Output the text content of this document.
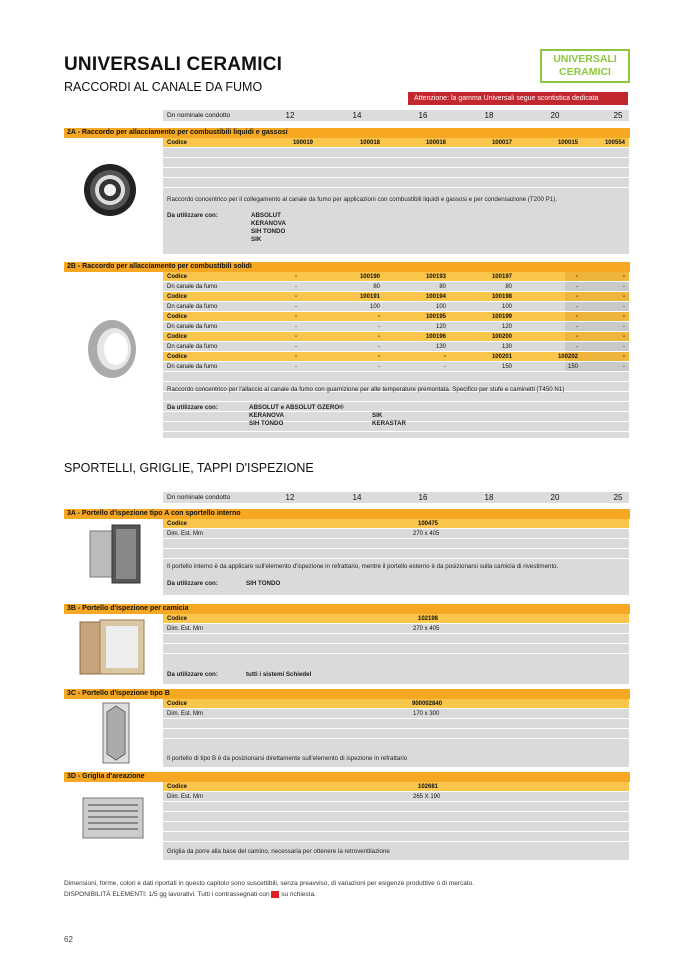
UNIVERSALI CERAMICI
RACCORDI AL CANALE DA FUMO
UNIVERSALI
CERAMICI
Attenzione: la gamma Universali segue scontistica dedicata
Dn nominale condotto	12	14	16	18	20	25
2A - Raccordo per allacciamento per combustibili liquidi e gassosi
Codice	100019	100018	100016	100017	100015	100554
Raccordo concentrico per il collegamento al canale da fumo per applicazioni con combustibili liquidi e gassosi e per condensazione (T200 P1).
Da utilizzare con:	ABSOLUT
KERANOVA
SIH TONDO
SIK
2B - Raccordo per allacciamento per combustibili solidi
Codice	-	100190	100193	100197	-	-
Dn canale da fumo	-	80	80	80	-	-
Codice	-	100191	100194	100198	-	-
Dn canale da fumo	-	100	100	100	-	-
Codice	-	-	100195	100199	-	-
Dn canale da fumo	-	-	120	120	-	-
Codice	-	-	100196	100200	-	-
Dn canale da fumo	-	-	130	130	-	-
Codice	-	-	-	100201	100202	-
Dn canale da fumo	-	-	-	150	150	-
Raccordo concentrico per l'allaccio al canale da fumo con guarnizione per alte temperature premontata. Specifico per stufe e caminetti (T450 N1)
Da utilizzare con:	ABSOLUT e ABSOLUT GZERO®
KERANOVA
SIH TONDO
SIK
KERASTAR
SPORTELLI, GRIGLIE, TAPPI D'ISPEZIONE
Dn nominale condotto	12	14	16	18	20	25
3A - Portello d'ispezione tipo A con sportello interno
Codice	100475
Dim. Est. Mm	270 x 405
Il portello interno è da applicare sull'elemento d'ispezione in refrattario, mentre il portello esterno è da posizionarsi sulla camicia di rivestimento.
Da utilizzare con:	SIH TONDO
3B - Portello d'ispezione per camicia
Codice	102198
Dim. Est. Mm	270 x 405
Da utilizzare con:	tutti i sistemi Schiedel
3C - Portello d'ispezione tipo B
Codice	900002840
Dim. Est. Mm	170 x 300
Il portello di tipo B è da posizionarsi direttamente sull'elemento di ispezione in refrattario
3D - Griglia d'areazione
Codice	102681
Dim. Est. Mm	265 X 190
Griglia da porre alla base del camino, necessaria per ottenere la retroventilazione
Dimensioni, forme, colori e dati riportati in questo capitolo sono suscettibili, senza preavviso, di variazioni per esigenze produttive o di mercato.
DISPONIBILITÀ ELEMENTI: 1/5 gg lavorativi. Tutti i contrassegnati con su richiesta.
62
